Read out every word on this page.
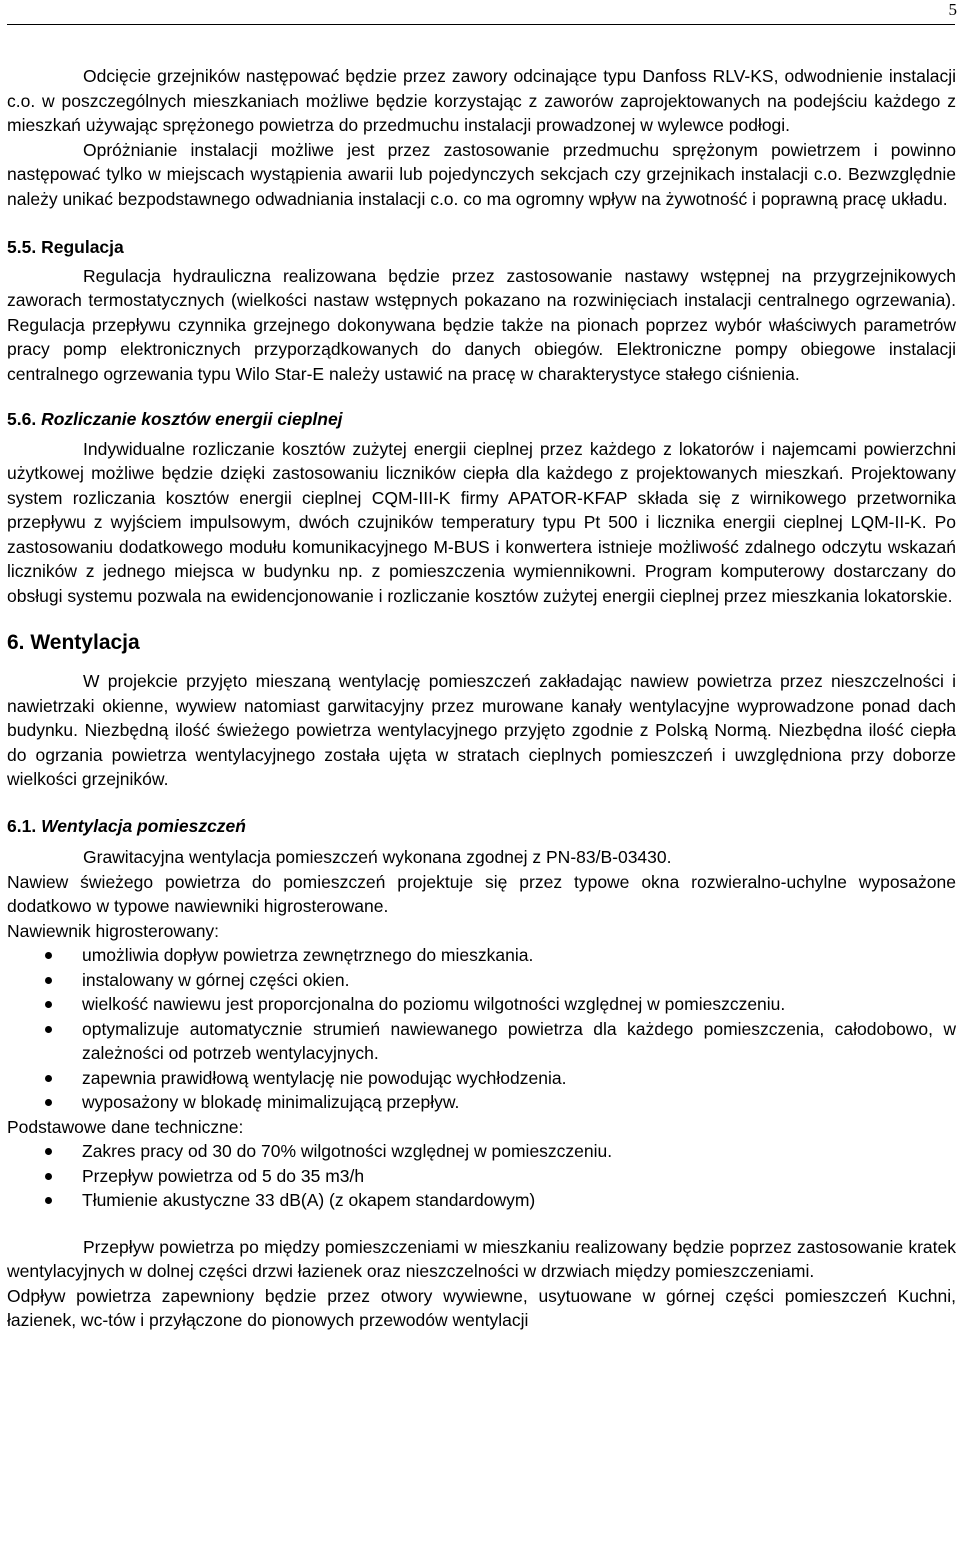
5

Odcięcie grzejników następować będzie przez zawory odcinające typu Danfoss RLV-KS, odwodnienie instalacji c.o. w poszczególnych mieszkaniach możliwe będzie korzystając z zaworów zaprojektowanych na podejściu każdego z mieszkań używając sprężonego powietrza do przedmuchu instalacji prowadzonej w wylewce podłogi.

Opróżnianie instalacji możliwe jest przez zastosowanie przedmuchu sprężonym powietrzem i powinno następować tylko w miejscach wystąpienia awarii lub pojedynczych sekcjach czy grzejnikach instalacji c.o. Bezwzględnie należy unikać bezpodstawnego odwadniania instalacji c.o. co ma ogromny wpływ na żywotność i poprawną pracę układu.

5.5. Regulacja

Regulacja hydrauliczna realizowana będzie przez zastosowanie nastawy wstępnej na przygrzejnikowych zaworach termostatycznych (wielkości nastaw wstępnych pokazano na rozwinięciach instalacji centralnego ogrzewania). Regulacja przepływu czynnika grzejnego dokonywana będzie także na pionach poprzez wybór właściwych parametrów pracy pomp elektronicznych przyporządkowanych do danych obiegów. Elektroniczne pompy obiegowe instalacji centralnego ogrzewania typu Wilo Star-E należy ustawić na pracę w charakterystyce stałego ciśnienia.

5.6. Rozliczanie kosztów energii cieplnej

Indywidualne rozliczanie kosztów zużytej energii cieplnej przez każdego z lokatorów i najemcami powierzchni użytkowej możliwe będzie dzięki zastosowaniu liczników ciepła dla każdego z projektowanych mieszkań. Projektowany system rozliczania kosztów energii cieplnej CQM-III-K firmy APATOR-KFAP składa się z wirnikowego przetwornika przepływu z wyjściem impulsowym, dwóch czujników temperatury typu Pt 500 i licznika energii cieplnej LQM-II-K. Po zastosowaniu dodatkowego modułu komunikacyjnego M-BUS i konwertera istnieje możliwość zdalnego odczytu wskazań liczników z jednego miejsca w budynku np. z pomieszczenia wymiennikowni. Program komputerowy dostarczany do obsługi systemu pozwala na ewidencjonowanie i rozliczanie kosztów zużytej energii cieplnej przez mieszkania lokatorskie.

6. Wentylacja

W projekcie przyjęto mieszaną wentylację pomieszczeń zakładając nawiew powietrza przez nieszczelności i nawietrzaki okienne, wywiew natomiast garwitacyjny przez murowane kanały wentylacyjne wyprowadzone ponad dach budynku. Niezbędną ilość świeżego powietrza wentylacyjnego przyjęto zgodnie z Polską Normą. Niezbędna ilość ciepła do ogrzania powietrza wentylacyjnego została ujęta w stratach cieplnych pomieszczeń i uwzględniona przy doborze wielkości grzejników.

6.1. Wentylacja pomieszczeń

Grawitacyjna wentylacja pomieszczeń wykonana zgodnej z PN-83/B-03430.

Nawiew świeżego powietrza do pomieszczeń projektuje się przez typowe okna rozwieralno-uchylne wyposażone dodatkowo w typowe nawiewniki higrosterowane.

Nawiewnik higrosterowany:

umożliwia dopływ powietrza zewnętrznego do mieszkania.
instalowany w górnej części okien.
wielkość nawiewu jest proporcjonalna do poziomu wilgotności względnej w pomieszczeniu.
optymalizuje automatycznie strumień nawiewanego powietrza dla każdego pomieszczenia, całodobowo, w zależności od potrzeb wentylacyjnych.
zapewnia prawidłową wentylację nie powodując wychłodzenia.
wyposażony w blokadę minimalizującą przepływ.

Podstawowe dane techniczne:

Zakres pracy od 30 do 70% wilgotności względnej w pomieszczeniu.
Przepływ powietrza od 5 do 35 m3/h
Tłumienie akustyczne 33 dB(A) (z okapem standardowym)

Przepływ powietrza po między pomieszczeniami w mieszkaniu realizowany będzie poprzez zastosowanie kratek wentylacyjnych w dolnej części drzwi łazienek oraz nieszczelności w drzwiach między pomieszczeniami.

Odpływ powietrza zapewniony będzie przez otwory wywiewne, usytuowane w górnej części pomieszczeń Kuchni, łazienek, wc-tów i przyłączone do pionowych przewodów wentylacji
